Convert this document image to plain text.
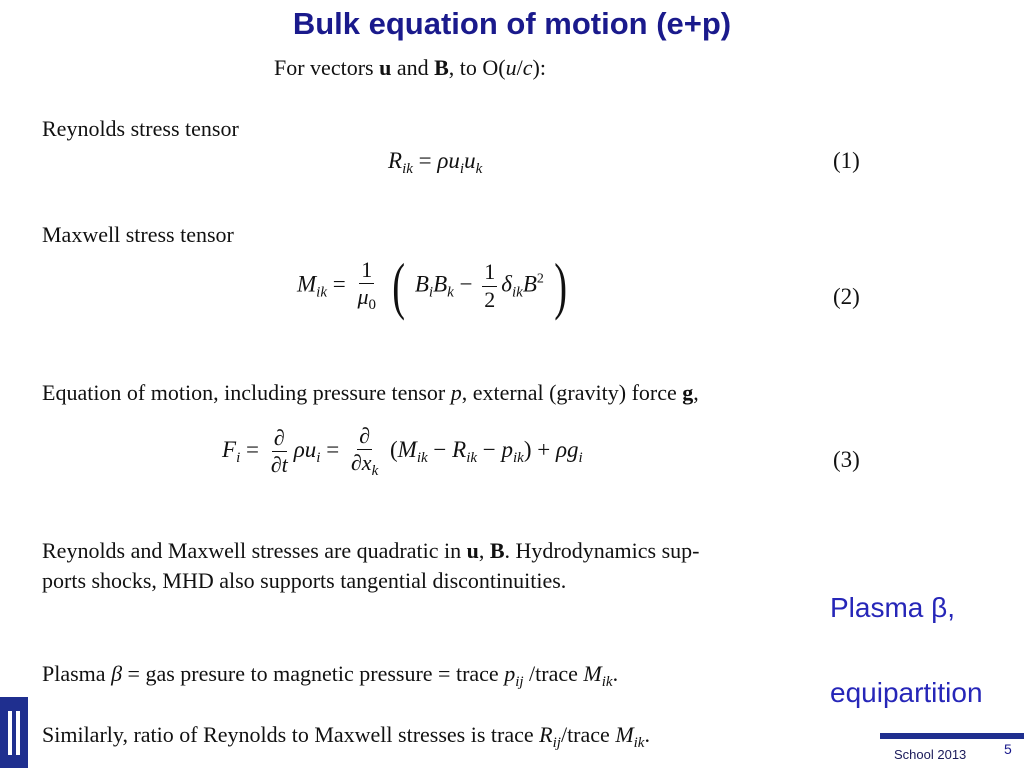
Bulk equation of motion (e+p)
For vectors u and B, to O(u/c):
Reynolds stress tensor
$R_{ik} = \rho u_iu_k$	(1)
Maxwell stress tensor
$M_{ik} = \frac{1}{\mu_0}$ ( $B_iB_k - \frac{1}{2} \delta_{ik}B^2$ )	(2)
Equation of motion, including pressure tensor p, external (gravity) force g,
$F_i = \frac{\partial}{\partial t} \rho u_i = \frac{\partial}{\partial x_k} (M_{ik} - R_{ik} - p_{ik}) + \rho g_i$	(3)
Reynolds and Maxwell stresses are quadratic in u, B. Hydrodynamics sup-
ports shocks, MHD also supports tangential discontinuities.
Plasma β = gas presure to magnetic pressure = trace $p_{ij}$ /trace $M_{ik}$.
Similarly, ratio of Reynolds to Maxwell stresses is trace $R_{ij}$/trace $M_{ik}$.
Plasma β,
equipartition
School 2013	5
